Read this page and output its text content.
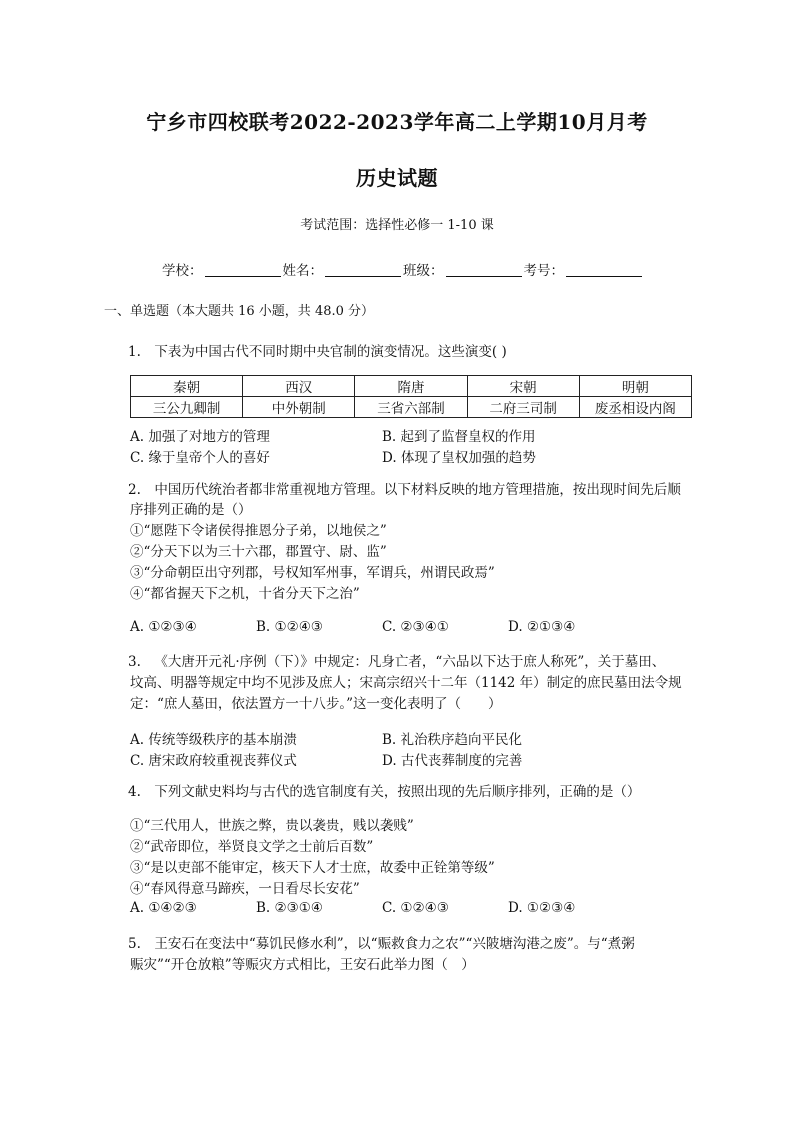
宁乡市四校联考2022-2023学年高二上学期10月月考
历史试题
考试范围：选择性必修一 1-10 课
学校：	姓名：	班级：	考号：
一、单选题（本大题共 16 小题，共 48.0 分）
1. 下表为中国古代不同时期中央官制的演变情况。这些演变( )
秦朝	西汉	隋唐	宋朝	明朝
三公九卿制	中外朝制	三省六部制	二府三司制	废丞相设内阁
A. 加强了对地方的管理	B. 起到了监督皇权的作用
C. 缘于皇帝个人的喜好	D. 体现了皇权加强的趋势
2. 中国历代统治者都非常重视地方管理。以下材料反映的地方管理措施，按出现时间先后顺
序排列正确的是（）
①“愿陛下令诸侯得推恩分子弟，以地侯之”
②“分天下以为三十六郡，郡置守、尉、监”
③“分命朝臣出守列郡，号权知军州事，军谓兵，州谓民政焉”
④“都省握天下之机，十省分天下之治”
A. ①②③④	B. ①②④③	C. ②③④①	D. ②①③④
3. 《大唐开元礼·序例（下）》中规定：凡身亡者，“六品以下达于庶人称死”，关于墓田、
坟高、明器等规定中均不见涉及庶人；宋高宗绍兴十二年（1142 年）制定的庶民墓田法令规
定：“庶人墓田，依法置方一十八步。”这一变化表明了（  ）
A. 传统等级秩序的基本崩溃	B. 礼治秩序趋向平民化
C. 唐宋政府较重视丧葬仪式	D. 古代丧葬制度的完善
4. 下列文献史料均与古代的选官制度有关，按照出现的先后顺序排列，正确的是（）
①“三代用人，世族之弊，贵以袭贵，贱以袭贱”
②“武帝即位，举贤良文学之士前后百数”
③“是以吏部不能审定，核天下人才士庶，故委中正铨第等级”
④“春风得意马蹄疾，一日看尽长安花”
A. ①④②③	B. ②③①④	C. ①②④③	D. ①②③④
5. 王安石在变法中“募饥民修水利”，以“赈救食力之农”“兴陂塘沟港之废”。与“煮粥
赈灾”“开仓放粮”等赈灾方式相比，王安石此举力图（ ）
